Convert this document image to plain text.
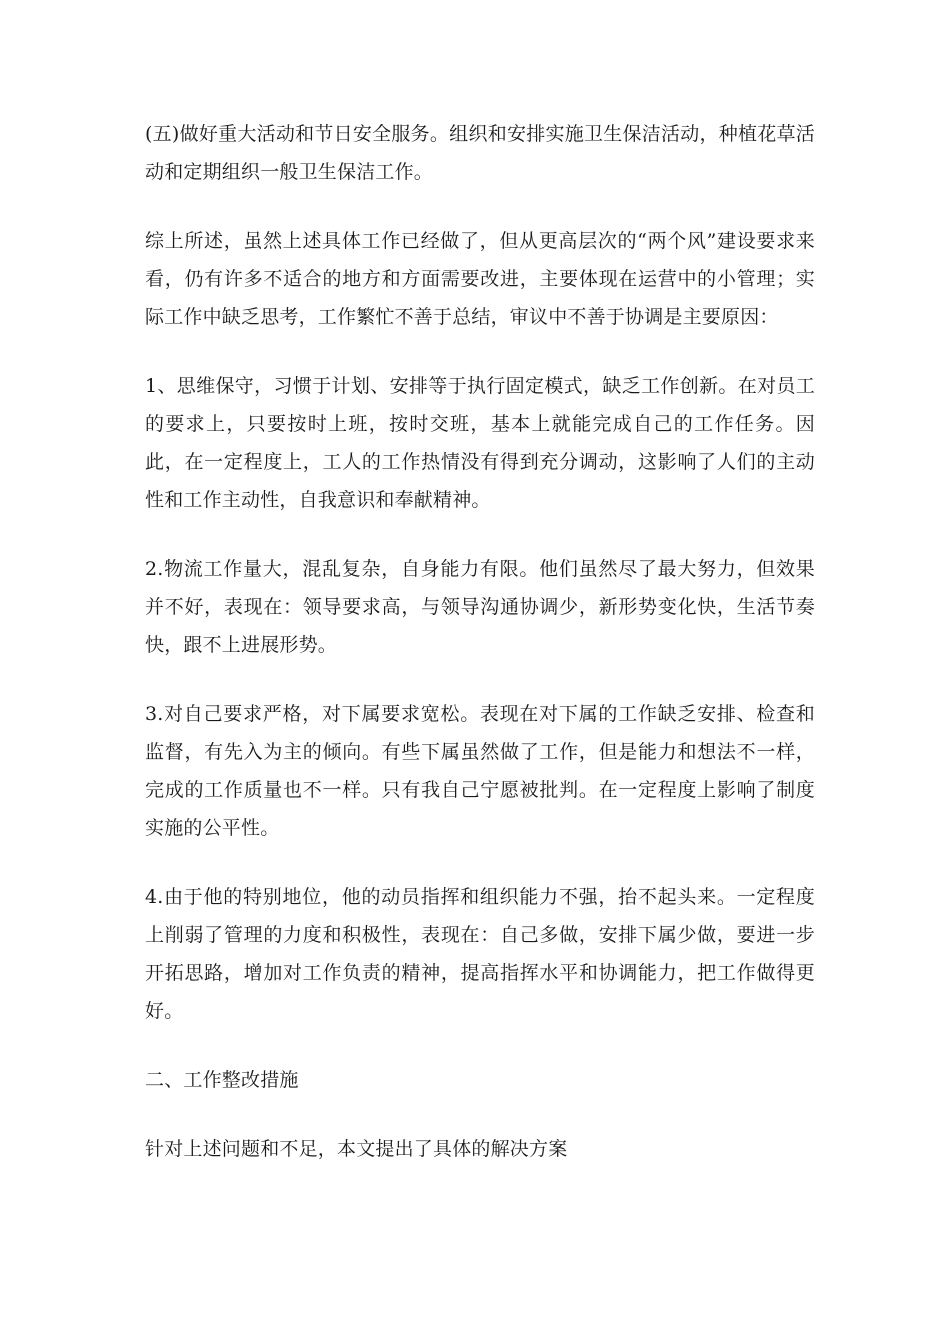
(五)做好重大活动和节日安全服务。组织和安排实施卫生保洁活动，种植花草活动和定期组织一般卫生保洁工作。

综上所述，虽然上述具体工作已经做了，但从更高层次的“两个风”建设要求来看，仍有许多不适合的地方和方面需要改进，主要体现在运营中的小管理；实际工作中缺乏思考，工作繁忙不善于总结，审议中不善于协调是主要原因：

1、思维保守，习惯于计划、安排等于执行固定模式，缺乏工作创新。在对员工的要求上，只要按时上班，按时交班，基本上就能完成自己的工作任务。因此，在一定程度上，工人的工作热情没有得到充分调动，这影响了人们的主动性和工作主动性，自我意识和奉献精神。

2.物流工作量大，混乱复杂，自身能力有限。他们虽然尽了最大努力，但效果并不好，表现在：领导要求高，与领导沟通协调少，新形势变化快，生活节奏快，跟不上进展形势。

3.对自己要求严格，对下属要求宽松。表现在对下属的工作缺乏安排、检查和监督，有先入为主的倾向。有些下属虽然做了工作，但是能力和想法不一样，完成的工作质量也不一样。只有我自己宁愿被批判。在一定程度上影响了制度实施的公平性。

4.由于他的特别地位，他的动员指挥和组织能力不强，抬不起头来。一定程度上削弱了管理的力度和积极性，表现在：自己多做，安排下属少做，要进一步开拓思路，增加对工作负责的精神，提高指挥水平和协调能力，把工作做得更好。

二、工作整改措施

针对上述问题和不足，本文提出了具体的解决方案
